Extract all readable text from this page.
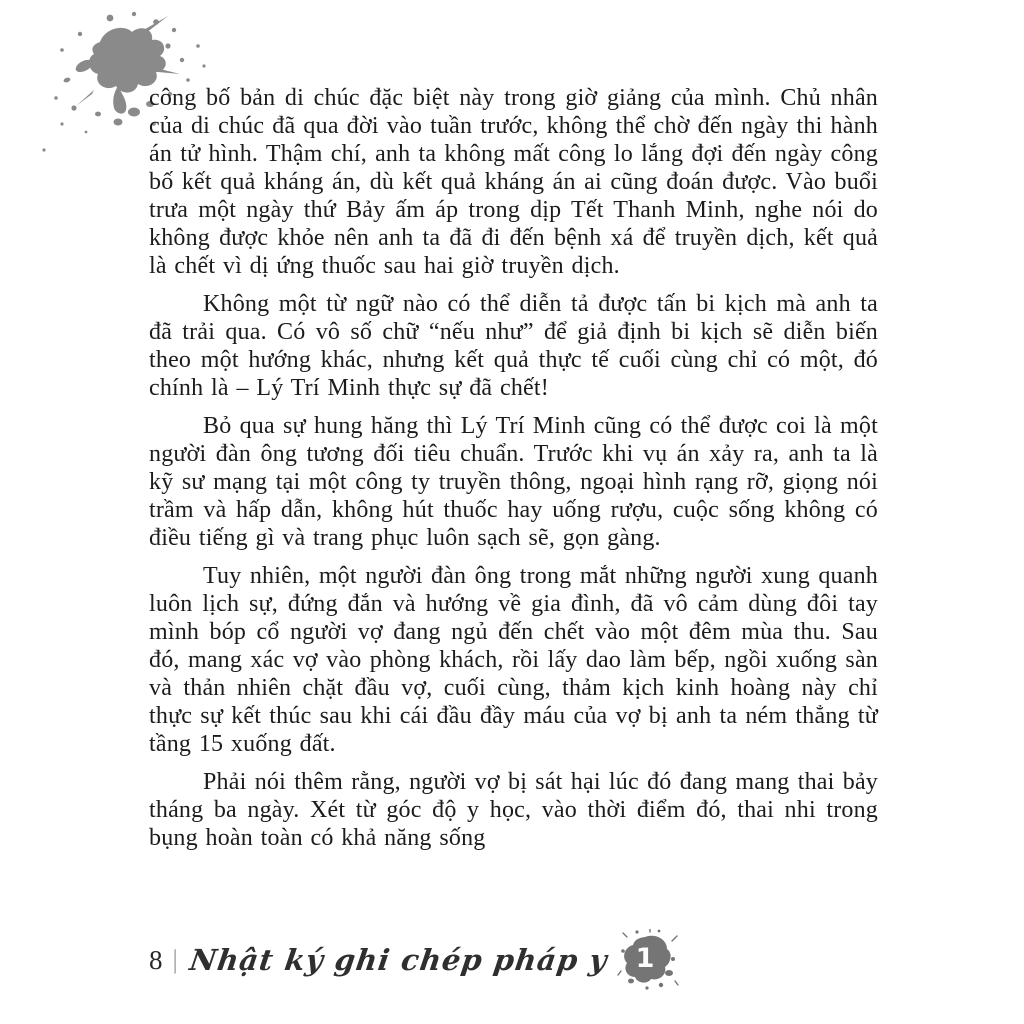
công bố bản di chúc đặc biệt này trong giờ giảng của mình. Chủ nhân của di chúc đã qua đời vào tuần trước, không thể chờ đến ngày thi hành án tử hình. Thậm chí, anh ta không mất công lo lắng đợi đến ngày công bố kết quả kháng án, dù kết quả kháng án ai cũng đoán được. Vào buổi trưa một ngày thứ Bảy ấm áp trong dịp Tết Thanh Minh, nghe nói do không được khỏe nên anh ta đã đi đến bệnh xá để truyền dịch, kết quả là chết vì dị ứng thuốc sau hai giờ truyền dịch.

Không một từ ngữ nào có thể diễn tả được tấn bi kịch mà anh ta đã trải qua. Có vô số chữ “nếu như” để giả định bi kịch sẽ diễn biến theo một hướng khác, nhưng kết quả thực tế cuối cùng chỉ có một, đó chính là – Lý Trí Minh thực sự đã chết!

Bỏ qua sự hung hăng thì Lý Trí Minh cũng có thể được coi là một người đàn ông tương đối tiêu chuẩn. Trước khi vụ án xảy ra, anh ta là kỹ sư mạng tại một công ty truyền thông, ngoại hình rạng rỡ, giọng nói trầm và hấp dẫn, không hút thuốc hay uống rượu, cuộc sống không có điều tiếng gì và trang phục luôn sạch sẽ, gọn gàng.

Tuy nhiên, một người đàn ông trong mắt những người xung quanh luôn lịch sự, đứng đắn và hướng về gia đình, đã vô cảm dùng đôi tay mình bóp cổ người vợ đang ngủ đến chết vào một đêm mùa thu. Sau đó, mang xác vợ vào phòng khách, rồi lấy dao làm bếp, ngồi xuống sàn và thản nhiên chặt đầu vợ, cuối cùng, thảm kịch kinh hoàng này chỉ thực sự kết thúc sau khi cái đầu đầy máu của vợ bị anh ta ném thẳng từ tầng 15 xuống đất.

Phải nói thêm rằng, người vợ bị sát hại lúc đó đang mang thai bảy tháng ba ngày. Xét từ góc độ y học, vào thời điểm đó, thai nhi trong bụng hoàn toàn có khả năng sống

8 | Nhật ký ghi chép pháp y 1
